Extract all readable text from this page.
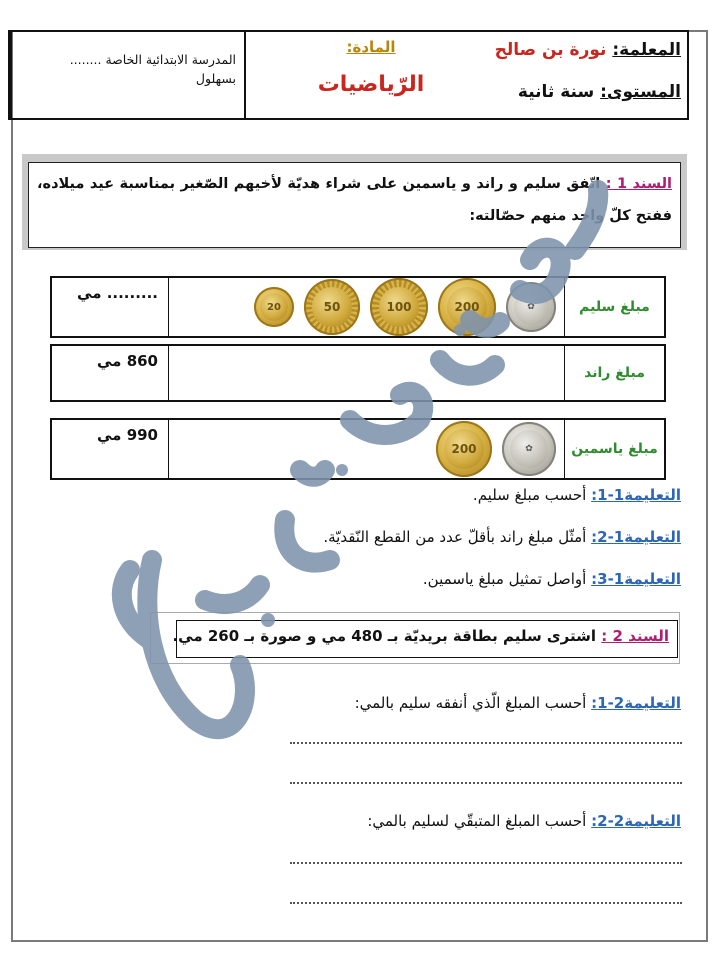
المدرسة الابتدائية الخاصة ........
بسهلول
المادة:
الرّياضيات
المعلمة: نورة بن صالح
المستوى: سنة ثانية
السند 1 : اتّفق سليم و راند و ياسمين على شراء هديّة لأخيهم الصّغير بمناسبة عيد ميلاده، ففتح كلّ واحد منهم حصّالته:
مبلغ سليم
✿
200
100
50
20
......... مي
مبلغ راند
860 مي
مبلغ ياسمين
✿
200
990 مي
التعليمة1-1: أحسب مبلغ سليم.
التعليمة1-2: أمثّل مبلغ راند بأقلّ عدد من القطع النّقديّة.
التعليمة1-3: أواصل تمثيل مبلغ ياسمين.
السند 2 : اشترى سليم بطاقة بريديّة بـ 480 مي و صورة بـ 260 مي.
التعليمة2-1: أحسب المبلغ الّذي أنفقه سليم بالمي:
التعليمة2-2: أحسب المبلغ المتبقّي لسليم بالمي:
